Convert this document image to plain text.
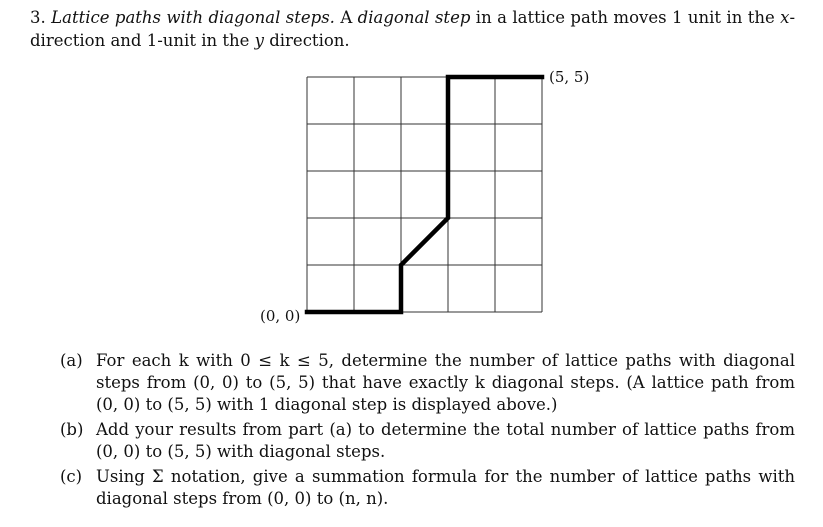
3. Lattice paths with diagonal steps. A diagonal step in a lattice path moves 1 unit in the x-direction and 1-unit in the y direction.
(0, 0)
(5, 5)
(a) For each k with 0 ≤ k ≤ 5, determine the number of lattice paths with diagonal steps from (0, 0) to (5, 5) that have exactly k diagonal steps. (A lattice path from (0, 0) to (5, 5) with 1 diagonal step is displayed above.)
(b) Add your results from part (a) to determine the total number of lattice paths from (0, 0) to (5, 5) with diagonal steps.
(c) Using Σ notation, give a summation formula for the number of lattice paths with diagonal steps from (0, 0) to (n, n).
